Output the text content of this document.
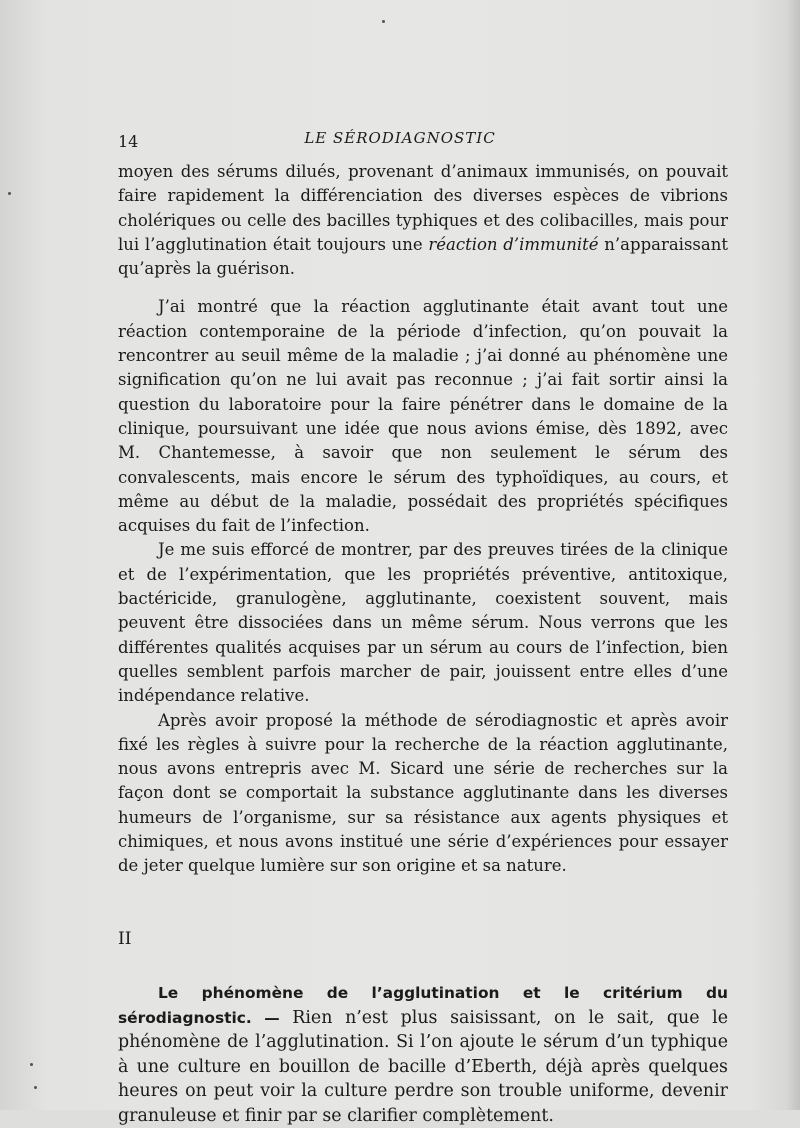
14	LE SÉRODIAGNOSTIC

moyen des sérums dilués, provenant d’animaux immunisés, on pouvait faire rapidement la différenciation des diverses espèces de vibrions cholériques ou celle des bacilles typhiques et des colibacilles, mais pour lui l’agglutination était toujours une réaction d’immunité n’apparaissant qu’après la guérison.

J’ai montré que la réaction agglutinante était avant tout une réaction contemporaine de la période d’infection, qu’on pouvait la rencontrer au seuil même de la maladie ; j’ai donné au phénomène une signification qu’on ne lui avait pas reconnue ; j’ai fait sortir ainsi la question du laboratoire pour la faire pénétrer dans le domaine de la clinique, poursuivant une idée que nous avions émise, dès 1892, avec M. Chantemesse, à savoir que non seulement le sérum des convalescents, mais encore le sérum des typhoïdiques, au cours, et même au début de la maladie, possédait des propriétés spécifiques acquises du fait de l’infection.

Je me suis efforcé de montrer, par des preuves tirées de la clinique et de l’expérimentation, que les propriétés préventive, antitoxique, bactéricide, granulogène, agglutinante, coexistent souvent, mais peuvent être dissociées dans un même sérum. Nous verrons que les différentes qualités acquises par un sérum au cours de l’infection, bien quelles semblent parfois marcher de pair, jouissent entre elles d’une indépendance relative.

Après avoir proposé la méthode de sérodiagnostic et après avoir fixé les règles à suivre pour la recherche de la réaction agglutinante, nous avons entrepris avec M. Sicard une série de recherches sur la façon dont se comportait la substance agglutinante dans les diverses humeurs de l’organisme, sur sa résistance aux agents physiques et chimiques, et nous avons institué une série d’expériences pour essayer de jeter quelque lumière sur son origine et sa nature.

II

Le phénomène de l’agglutination et le critérium du sérodiagnostic. — Rien n’est plus saisissant, on le sait, que le phénomène de l’agglutination. Si l’on ajoute le sérum d’un typhique à une culture en bouillon de bacille d’Eberth, déjà après quelques heures on peut voir la culture perdre son trouble uniforme, devenir granuleuse et finir par se clarifier complètement.
